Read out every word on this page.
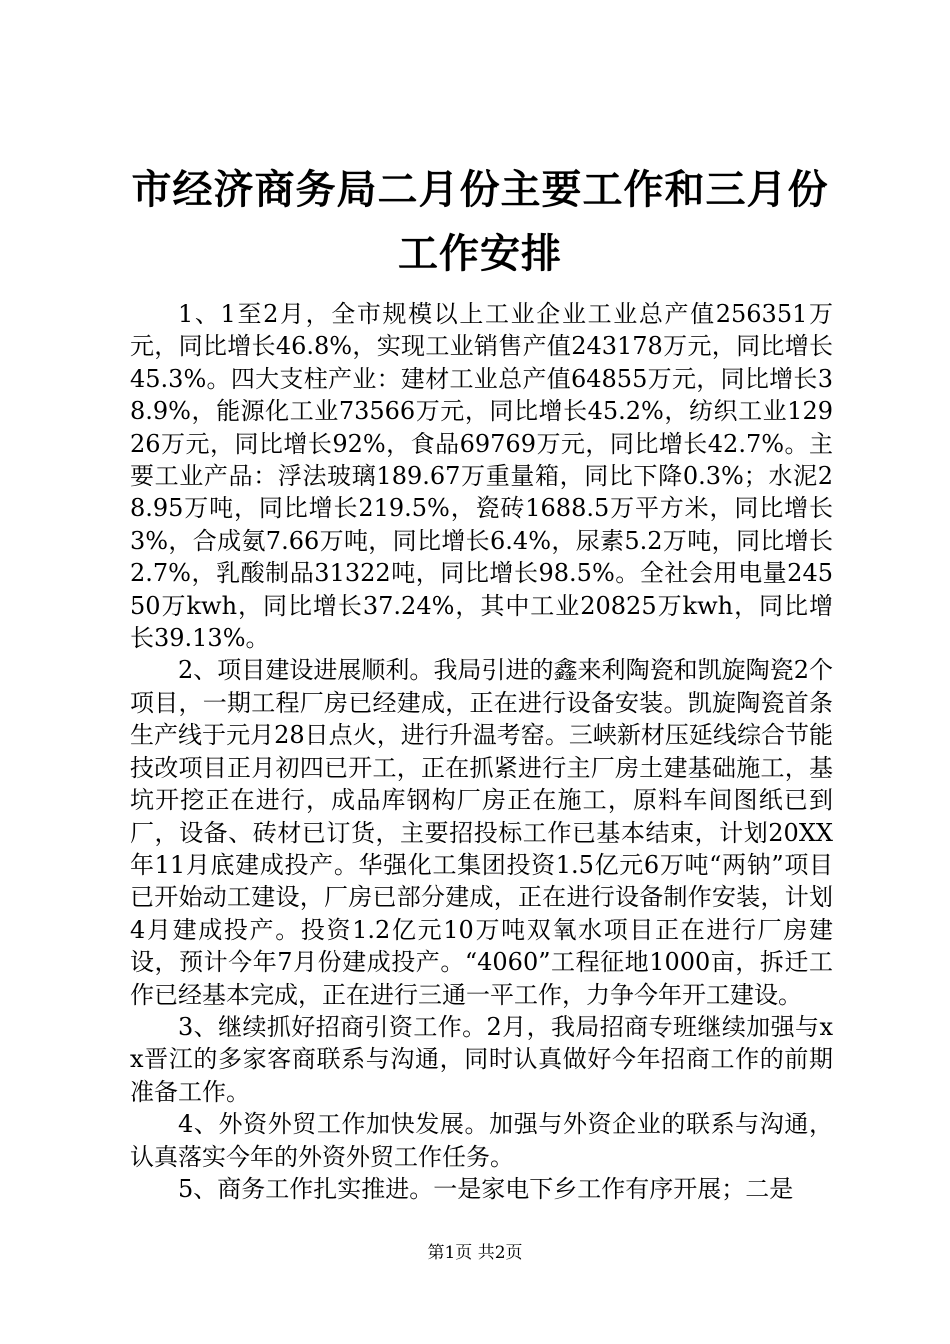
市经济商务局二月份主要工作和三月份工作安排

1、1至2月，全市规模以上工业企业工业总产值256351万元，同比增长46.8%，实现工业销售产值243178万元，同比增长45.3%。四大支柱产业：建材工业总产值64855万元，同比增长38.9%，能源化工业73566万元，同比增长45.2%，纺织工业12926万元，同比增长92%，食品69769万元，同比增长42.7%。主要工业产品：浮法玻璃189.67万重量箱，同比下降0.3%；水泥28.95万吨，同比增长219.5%，瓷砖1688.5万平方米，同比增长3%，合成氨7.66万吨，同比增长6.4%，尿素5.2万吨，同比增长2.7%，乳酸制品31322吨，同比增长98.5%。全社会用电量24550万kwh，同比增长37.24%，其中工业20825万kwh，同比增长39.13%。

2、项目建设进展顺利。我局引进的鑫来利陶瓷和凯旋陶瓷2个项目，一期工程厂房已经建成，正在进行设备安装。凯旋陶瓷首条生产线于元月28日点火，进行升温考窑。三峡新材压延线综合节能技改项目正月初四已开工，正在抓紧进行主厂房土建基础施工，基坑开挖正在进行，成品库钢构厂房正在施工，原料车间图纸已到厂，设备、砖材已订货，主要招投标工作已基本结束，计划20XX年11月底建成投产。华强化工集团投资1.5亿元6万吨“两钠”项目已开始动工建设，厂房已部分建成，正在进行设备制作安装，计划4月建成投产。投资1.2亿元10万吨双氧水项目正在进行厂房建设，预计今年7月份建成投产。“4060”工程征地1000亩，拆迁工作已经基本完成，正在进行三通一平工作，力争今年开工建设。

3、继续抓好招商引资工作。2月，我局招商专班继续加强与xx晋江的多家客商联系与沟通，同时认真做好今年招商工作的前期准备工作。

4、外资外贸工作加快发展。加强与外资企业的联系与沟通，认真落实今年的外资外贸工作任务。

5、商务工作扎实推进。一是家电下乡工作有序开展；二是

第1页 共2页
